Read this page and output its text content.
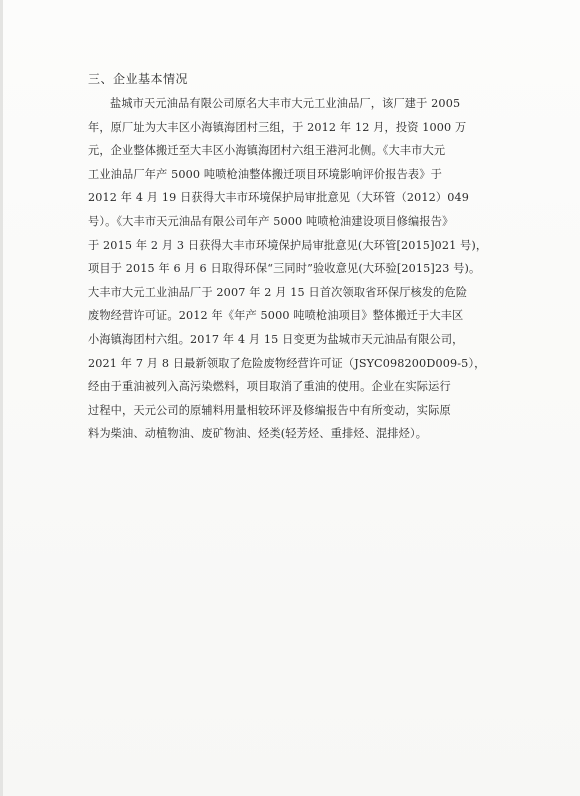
三、企业基本情况
盐城市天元油品有限公司原名大丰市大元工业油品厂，该厂建于 2005
年，原厂址为大丰区小海镇海团村三组，于 2012 年 12 月，投资 1000 万
元，企业整体搬迁至大丰区小海镇海团村六组王港河北侧。《大丰市大元
工业油品厂年产 5000 吨喷枪油整体搬迁项目环境影响评价报告表》于
2012 年 4 月 19 日获得大丰市环境保护局审批意见（大环管（2012）049
号）。《大丰市天元油品有限公司年产 5000 吨喷枪油建设项目修编报告》
于 2015 年 2 月 3 日获得大丰市环境保护局审批意见(大环管[2015]021 号)，
项目于 2015 年 6 月 6 日取得环保“三同时”验收意见(大环验[2015]23 号)。
大丰市大元工业油品厂于 2007 年 2 月 15 日首次领取省环保厅核发的危险
废物经营许可证。2012 年《年产 5000 吨喷枪油项目》整体搬迁于大丰区
小海镇海团村六组。2017 年 4 月 15 日变更为盐城市天元油品有限公司，
2021 年 7 月 8 日最新领取了危险废物经营许可证（JSYC098200D009-5），
经由于重油被列入高污染燃料，项目取消了重油的使用。企业在实际运行
过程中，天元公司的原辅料用量相较环评及修编报告中有所变动，实际原
料为柴油、动植物油、废矿物油、烃类(轻芳烃、重排烃、混排烃）。
